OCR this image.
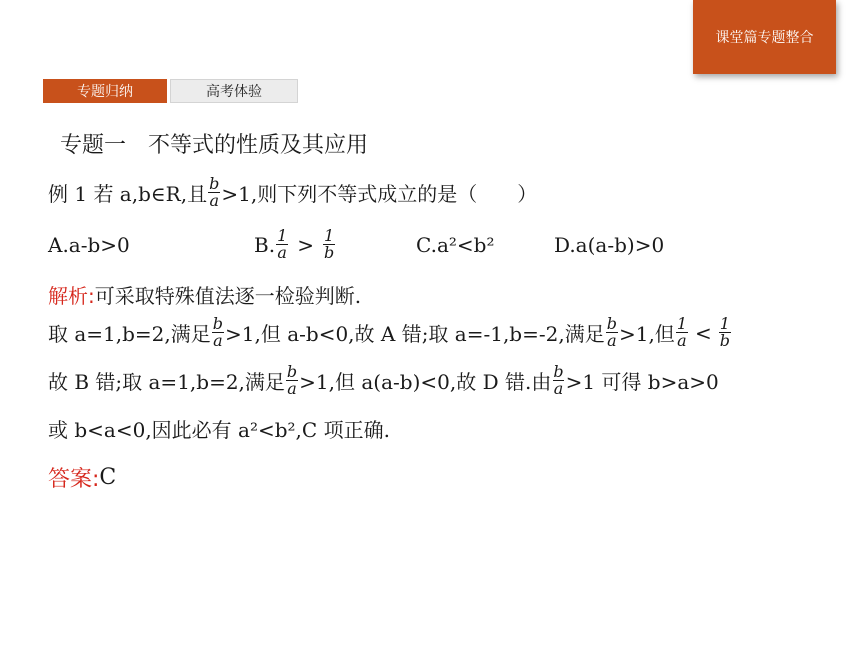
课堂篇专题整合
专题归纳	高考体验
专题一　不等式的性质及其应用
例 1 若 a,b∈R,且 $\frac{b}{a} >1$,则下列不等式成立的是（　　）
A.a-b>0	B. $\frac{1}{a} > \frac{1}{b}$	C.a²<b²	D.a(a-b)>0
解析: 可采取特殊值法逐一检验判断.
取 a=1,b=2,满足 $\frac{b}{a} >1$,但 a-b<0,故 A 错;取 a=-1,b=-2,满足 $\frac{b}{a} >1$,但 $\frac{1}{a} < \frac{1}{b}$
故 B 错;取 a=1,b=2,满足 $\frac{b}{a} >1$,但 a(a-b)<0,故 D 错.由 $\frac{b}{a} >1$ 可得 b>a>0
或 b<a<0,因此必有 a²<b²,C 项正确.
答案: C
